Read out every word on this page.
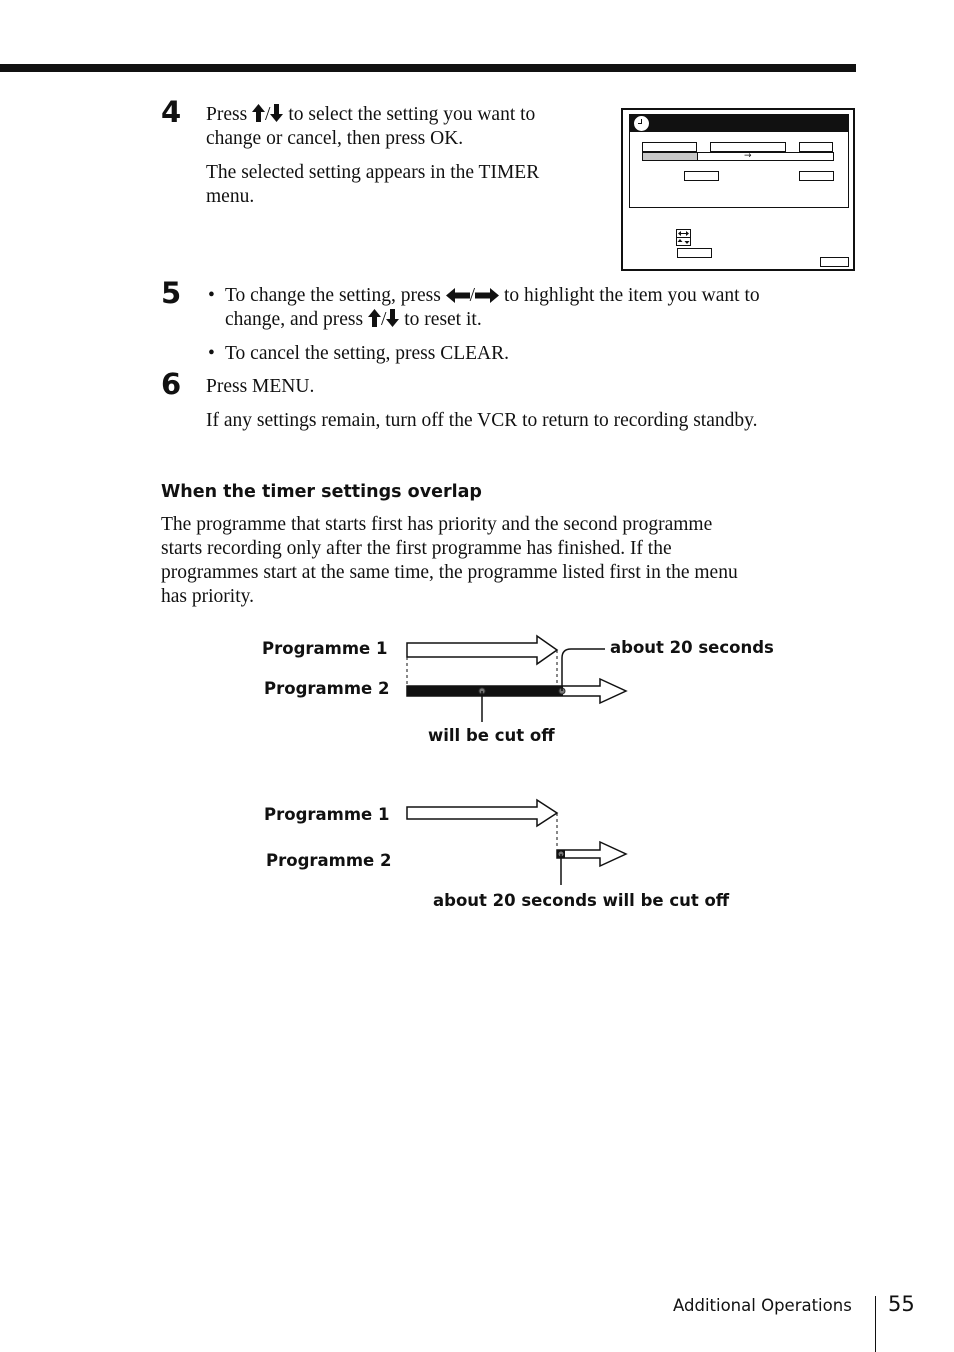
4 Press / to select the setting you want to
change or cancel, then press OK.

The selected setting appears in the TIMER
menu.

→
5 • To change the setting, press / to highlight the item you want to
change, and press / to reset it.
• To cancel the setting, press CLEAR.
6 Press MENU.

If any settings remain, turn off the VCR to return to recording standby.

When the timer settings overlap
The programme that starts first has priority and the second programme
starts recording only after the first programme has finished. If the
programmes start at the same time, the programme listed first in the menu
has priority.
Programme 1
Programme 2
about 20 seconds
will be cut off
Programme 1
Programme 2
about 20 seconds will be cut off
Additional Operations 55
